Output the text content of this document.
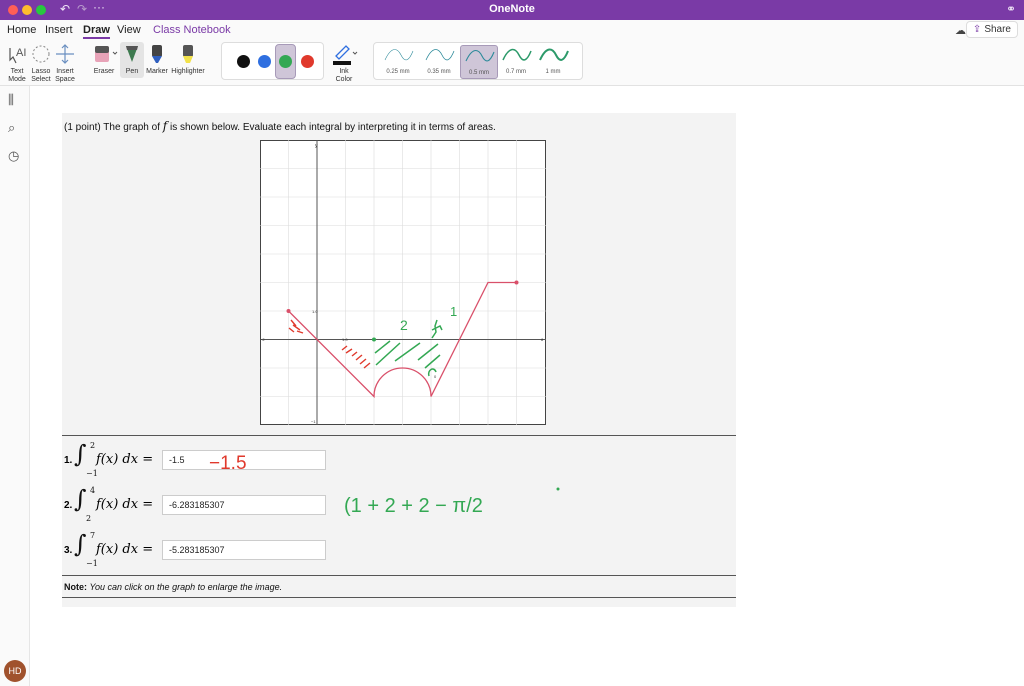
↶ ↷ ···	OneNote	⚭
Home Insert Draw View Class Notebook	☁ ⇪ Share
AI
Text
Mode
Lasso
Select
Insert
Space
Eraser	Pen	Marker Highlighter	Ink
Color
0.25 mm	0.35 mm	0.5 mm	0.7 mm	1 mm
⫼
⌕
◷
HD
(1 point) The graph of f is shown below. Evaluate each integral by interpreting it in terms of areas.
y
1.0
−1
−2	8
1.0
0
2
1
1. ∫ 2
−1
f(x) dx =
-1.5
2. ∫ 4
2
f(x) dx =
-6.283185307
3. ∫ 7
−1
f(x) dx =
-5.283185307
Note: You can click on the graph to enlarge the image.
−1.5
(1 + 2 + 2 − π/2
